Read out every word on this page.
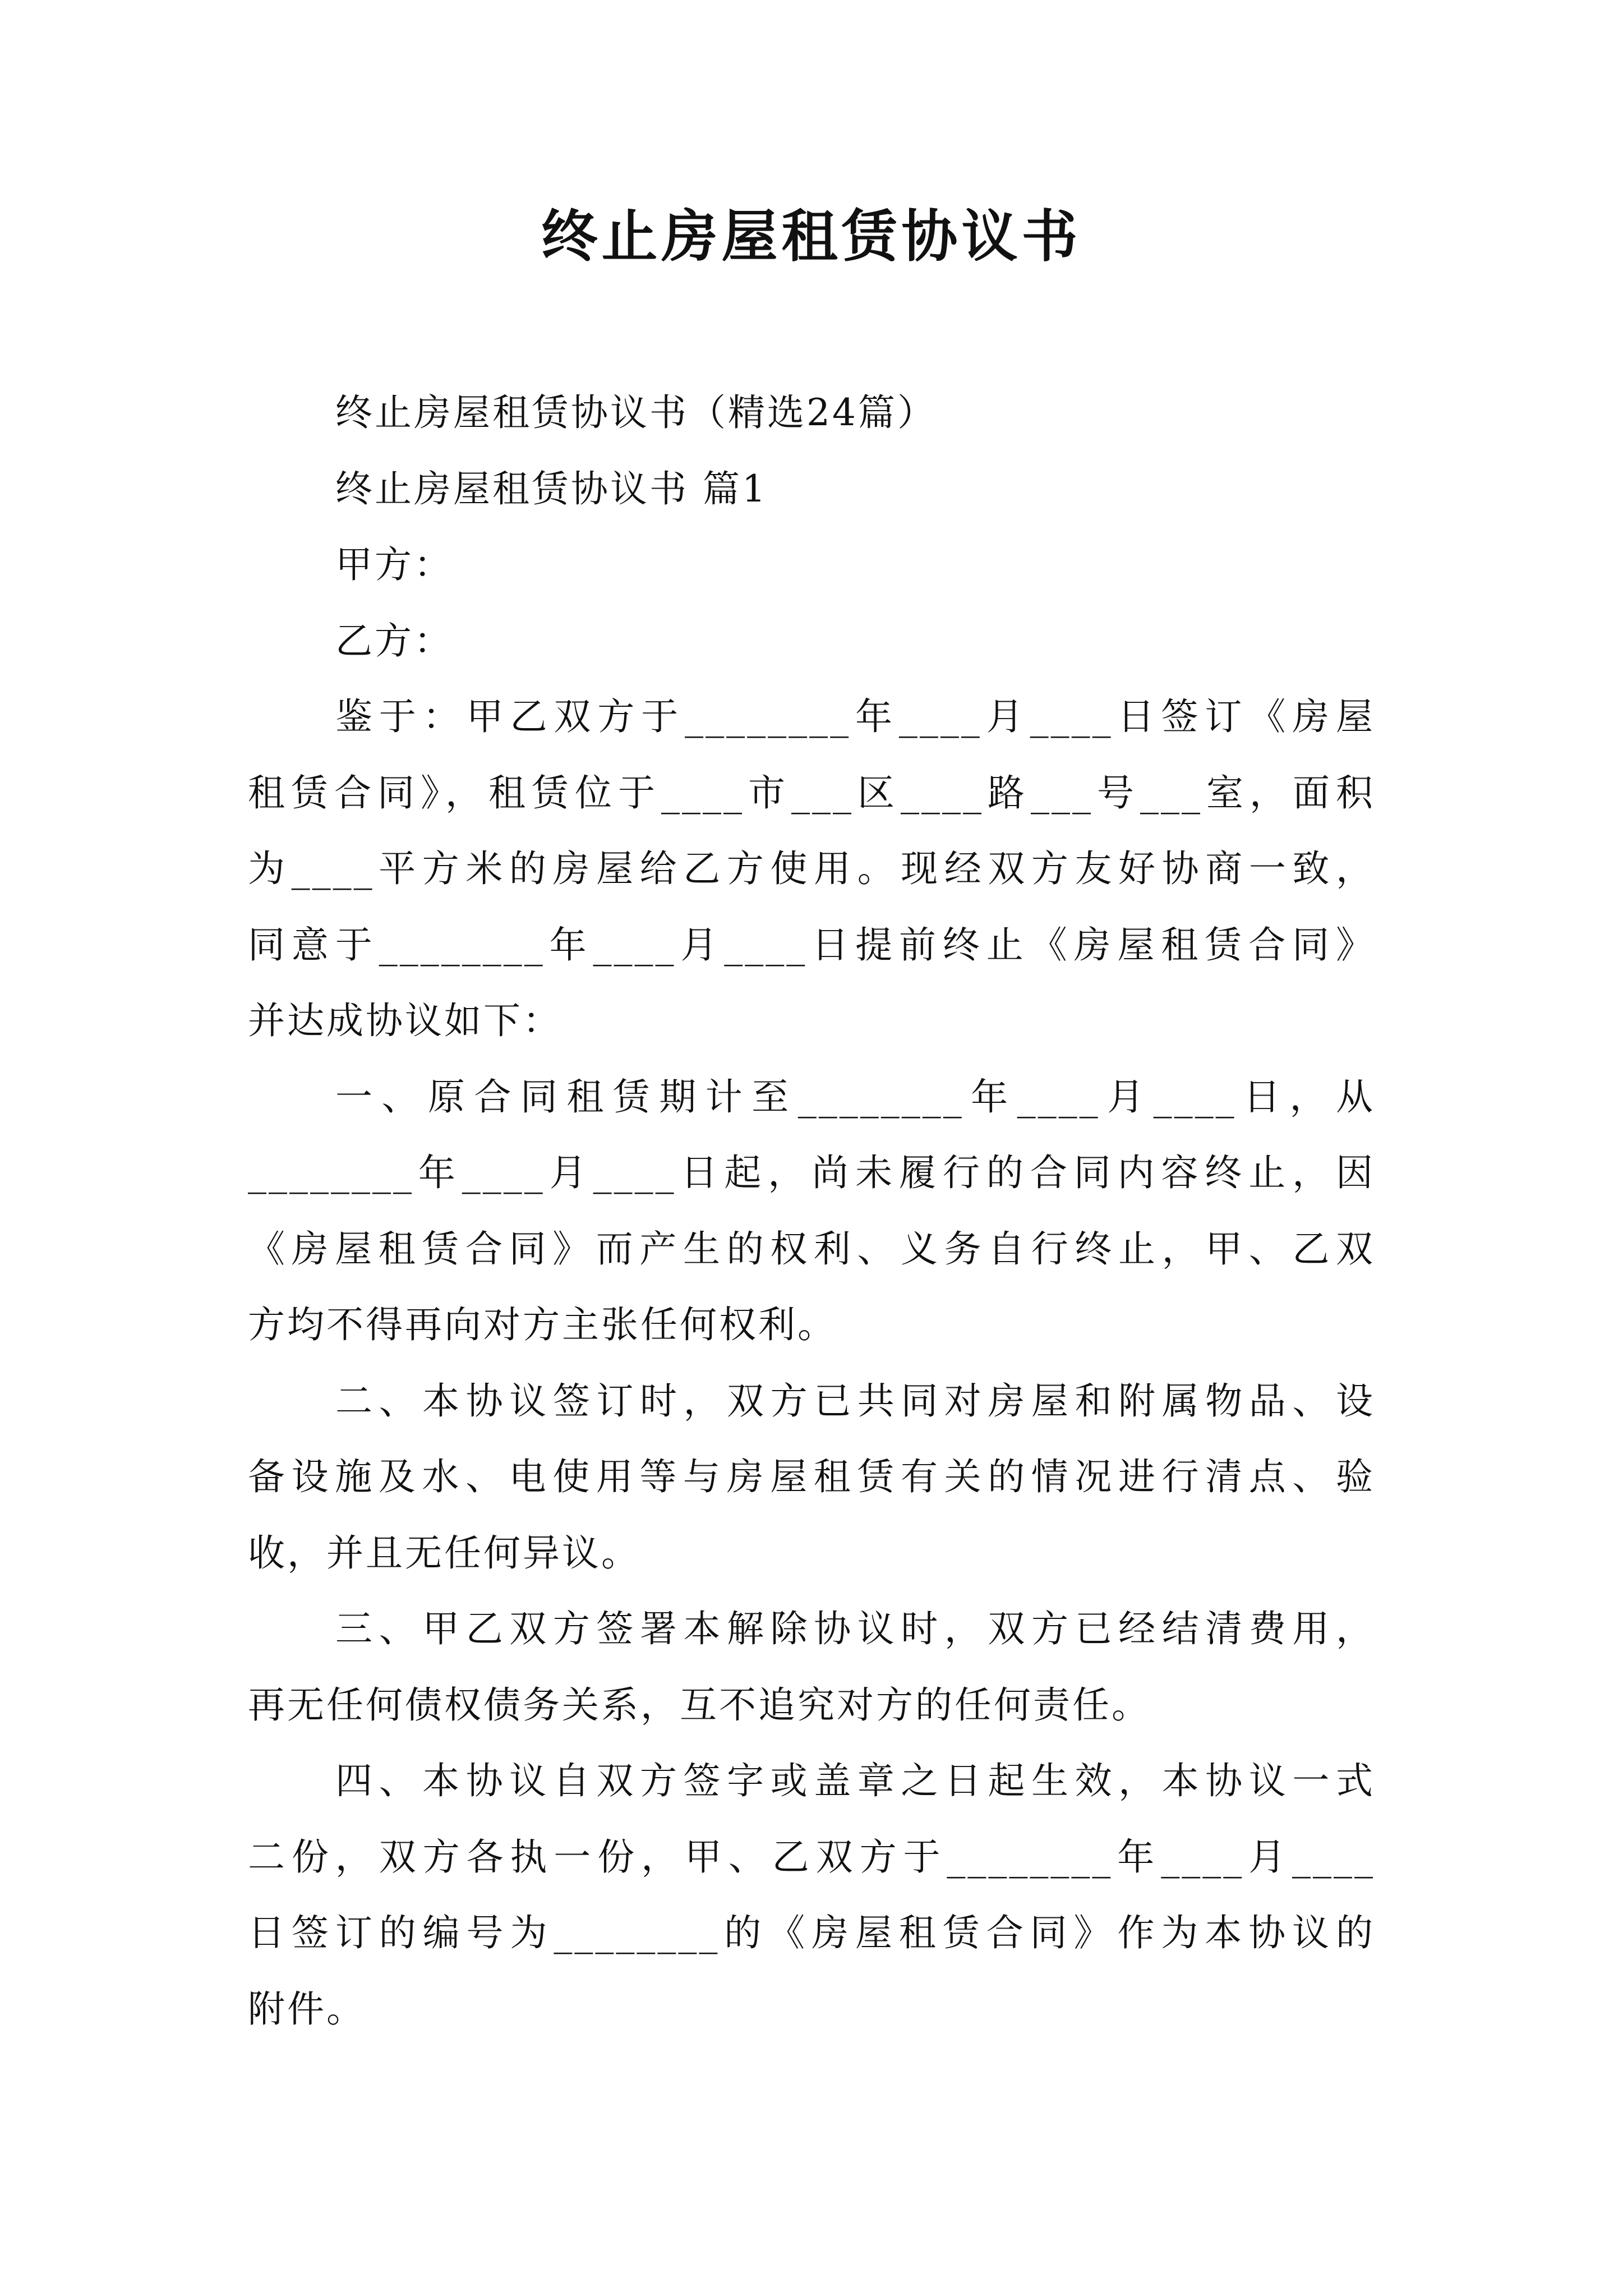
终止房屋租赁协议书
终止房屋租赁协议书（精选24篇）
终止房屋租赁协议书 篇1
甲方：
乙方：
鉴于：甲乙双方于________年____月____日签订《房屋
租赁合同》，租赁位于____市___区____路___号___室，面积
为____平方米的房屋给乙方使用。现经双方友好协商一致，
同意于________年____月____日提前终止《房屋租赁合同》
并达成协议如下：
一、原合同租赁期计至________年____月____日，从
________年____月____日起，尚未履行的合同内容终止，因
《房屋租赁合同》而产生的权利、义务自行终止，甲、乙双
方均不得再向对方主张任何权利。
二、本协议签订时，双方已共同对房屋和附属物品、设
备设施及水、电使用等与房屋租赁有关的情况进行清点、验
收，并且无任何异议。
三、甲乙双方签署本解除协议时，双方已经结清费用，
再无任何债权债务关系，互不追究对方的任何责任。
四、本协议自双方签字或盖章之日起生效，本协议一式
二份，双方各执一份，甲、乙双方于________年____月____
日签订的编号为________的《房屋租赁合同》作为本协议的
附件。
